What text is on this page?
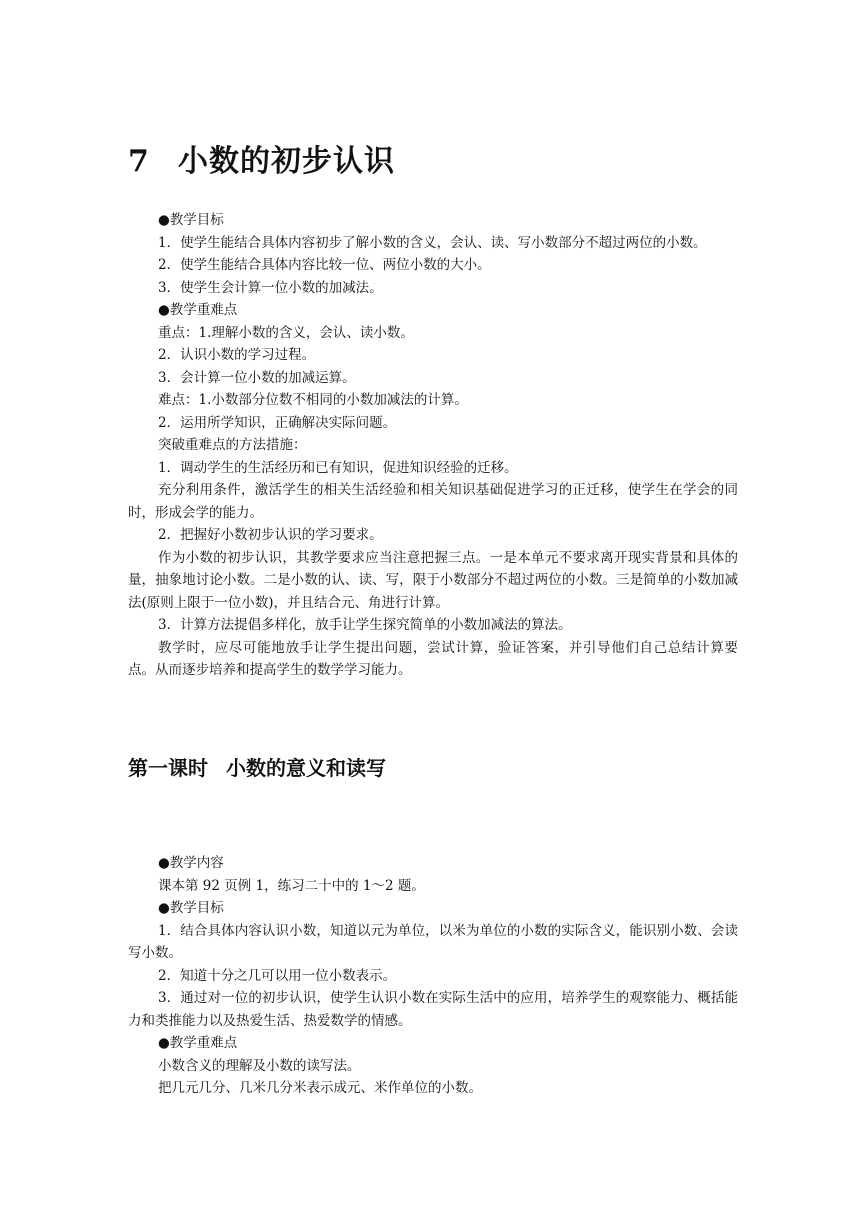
7 小数的初步认识

●教学目标

1．使学生能结合具体内容初步了解小数的含义，会认、读、写小数部分不超过两位的小数。

2．使学生能结合具体内容比较一位、两位小数的大小。

3．使学生会计算一位小数的加减法。

●教学重难点

重点：1.理解小数的含义，会认、读小数。

2．认识小数的学习过程。

3．会计算一位小数的加减运算。

难点：1.小数部分位数不相同的小数加减法的计算。

2．运用所学知识，正确解决实际问题。

突破重难点的方法措施：

1．调动学生的生活经历和已有知识，促进知识经验的迁移。

充分利用条件，激活学生的相关生活经验和相关知识基础促进学习的正迁移，使学生在学会的同时，形成会学的能力。

2．把握好小数初步认识的学习要求。

作为小数的初步认识，其教学要求应当注意把握三点。一是本单元不要求离开现实背景和具体的量，抽象地讨论小数。二是小数的认、读、写，限于小数部分不超过两位的小数。三是简单的小数加减法(原则上限于一位小数)，并且结合元、角进行计算。

3．计算方法提倡多样化，放手让学生探究简单的小数加减法的算法。

教学时，应尽可能地放手让学生提出问题，尝试计算，验证答案，并引导他们自己总结计算要点。从而逐步培养和提高学生的数学学习能力。

第一课时 小数的意义和读写

●教学内容

课本第 92 页例 1，练习二十中的 1～2 题。

●教学目标

1．结合具体内容认识小数，知道以元为单位，以米为单位的小数的实际含义，能识别小数、会读写小数。

2．知道十分之几可以用一位小数表示。

3．通过对一位的初步认识，使学生认识小数在实际生活中的应用，培养学生的观察能力、概括能力和类推能力以及热爱生活、热爱数学的情感。

●教学重难点

小数含义的理解及小数的读写法。

把几元几分、几米几分米表示成元、米作单位的小数。
